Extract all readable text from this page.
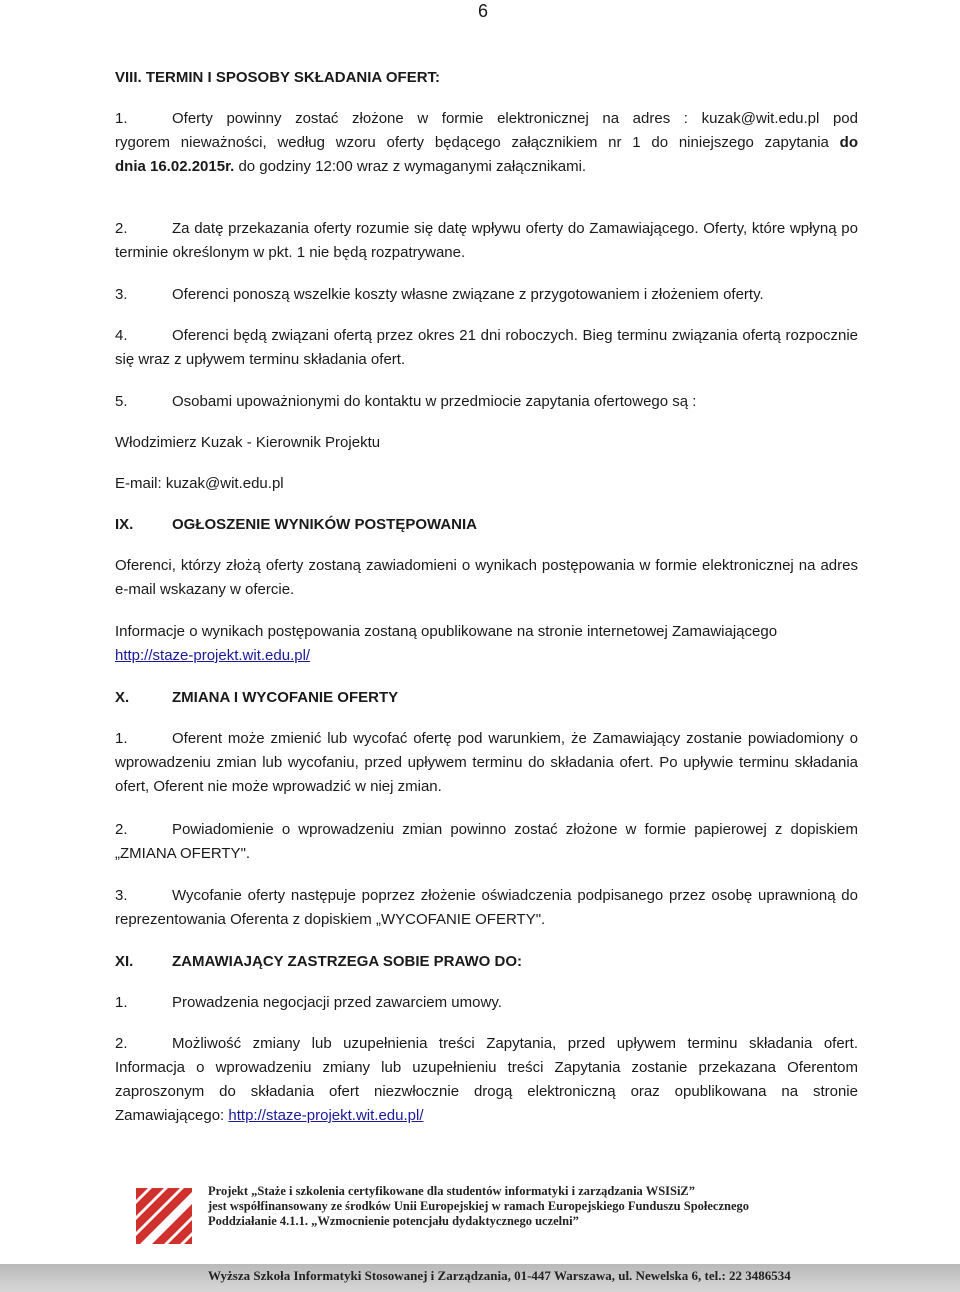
6
VIII. TERMIN I SPOSOBY SKŁADANIA OFERT:
1.	Oferty powinny zostać złożone w formie elektronicznej na adres : kuzak@wit.edu.pl pod
rygorem nieważności, według wzoru oferty będącego załącznikiem nr 1 do niniejszego zapytania do
dnia 16.02.2015r. do godziny 12:00 wraz z wymaganymi załącznikami.
2.	Za datę przekazania oferty rozumie się datę wpływu oferty do Zamawiającego. Oferty, które wpłyną po terminie określonym w pkt. 1 nie będą rozpatrywane.
3.	Oferenci ponoszą wszelkie koszty własne związane z przygotowaniem i złożeniem oferty.
4.	Oferenci będą związani ofertą przez okres 21 dni roboczych. Bieg terminu związania ofertą rozpocznie się wraz z upływem terminu składania ofert.
5.	Osobami upoważnionymi do kontaktu w przedmiocie zapytania ofertowego są :
Włodzimierz Kuzak - Kierownik Projektu
E-mail: kuzak@wit.edu.pl
IX.	OGŁOSZENIE WYNIKÓW POSTĘPOWANIA
Oferenci, którzy złożą oferty zostaną zawiadomieni o wynikach postępowania w formie elektronicznej na adres e-mail wskazany w ofercie.
Informacje o wynikach postępowania zostaną opublikowane na stronie internetowej Zamawiającego
http://staze-projekt.wit.edu.pl/
X.	ZMIANA I WYCOFANIE OFERTY
1.	Oferent może zmienić lub wycofać ofertę pod warunkiem, że Zamawiający zostanie powiadomiony o wprowadzeniu zmian lub wycofaniu, przed upływem terminu do składania ofert. Po upływie terminu składania ofert, Oferent nie może wprowadzić w niej zmian.
2.	Powiadomienie o wprowadzeniu zmian powinno zostać złożone w formie papierowej z dopiskiem „ZMIANA OFERTY".
3.	Wycofanie oferty następuje poprzez złożenie oświadczenia podpisanego przez osobę uprawnioną do reprezentowania Oferenta z dopiskiem „WYCOFANIE OFERTY".
XI.	ZAMAWIAJĄCY ZASTRZEGA SOBIE PRAWO DO:
1.	Prowadzenia negocjacji przed zawarciem umowy.
2.	Możliwość zmiany lub uzupełnienia treści Zapytania, przed upływem terminu składania ofert. Informacja o wprowadzeniu zmiany lub uzupełnieniu treści Zapytania zostanie przekazana Oferentom zaproszonym do składania ofert niezwłocznie drogą elektroniczną oraz opublikowana na stronie Zamawiającego: http://staze-projekt.wit.edu.pl/
Projekt „Staże i szkolenia certyfikowane dla studentów informatyki i zarządzania WSISiZ”
jest współfinansowany ze środków Unii Europejskiej w ramach Europejskiego Funduszu Społecznego
Poddziałanie 4.1.1. „Wzmocnienie potencjału dydaktycznego uczelni”
Wyższa Szkoła Informatyki Stosowanej i Zarządzania, 01-447 Warszawa, ul. Newelska 6, tel.: 22 3486534
